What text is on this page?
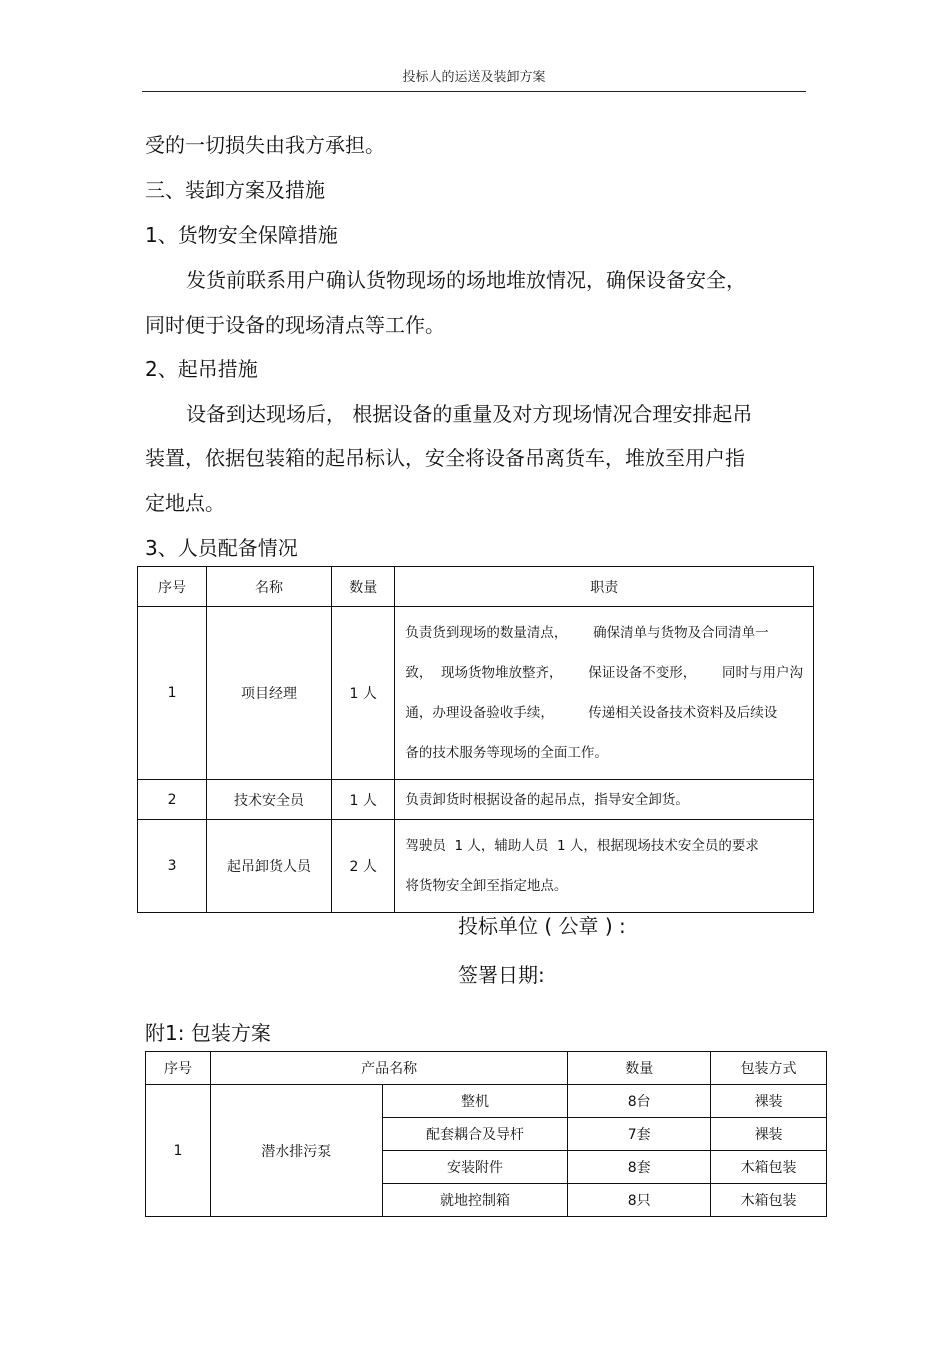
投标人的运送及装卸方案
受的一切损失由我方承担。
三、装卸方案及措施
1、货物安全保障措施
发货前联系用户确认货物现场的场地堆放情况，确保设备安全，
同时便于设备的现场清点等工作。
2、起吊措施
设备到达现场后， 根据设备的重量及对方现场情况合理安排起吊
装置，依据包装箱的起吊标认，安全将设备吊离货车，堆放至用户指
定地点。
3、人员配备情况
序号	名称	数量	职责
1	项目经理	1 人	负责货到现场的数量清点，      确保清单与货物及合同清单一
致，  现场货物堆放整齐，      保证设备不变形，      同时与用户沟
通，办理设备验收手续，        传递相关设备技术资料及后续设
备的技术服务等现场的全面工作。

2	技术安全员	1 人	负责卸货时根据设备的起吊点，指导安全卸货。

3	起吊卸货人员	2 人	驾驶员  1 人，辅助人员  1 人，根据现场技术安全员的要求
将货物安全卸至指定地点。
投标单位 ( 公章 ) :
签署日期:
附1: 包装方案
序号	产品名称		数量	包装方式
1	潜水排污泵	整机	8台	裸装
		配套耦合及导杆	7套	裸装
		安装附件	8套	木箱包装
		就地控制箱	8只	木箱包装
